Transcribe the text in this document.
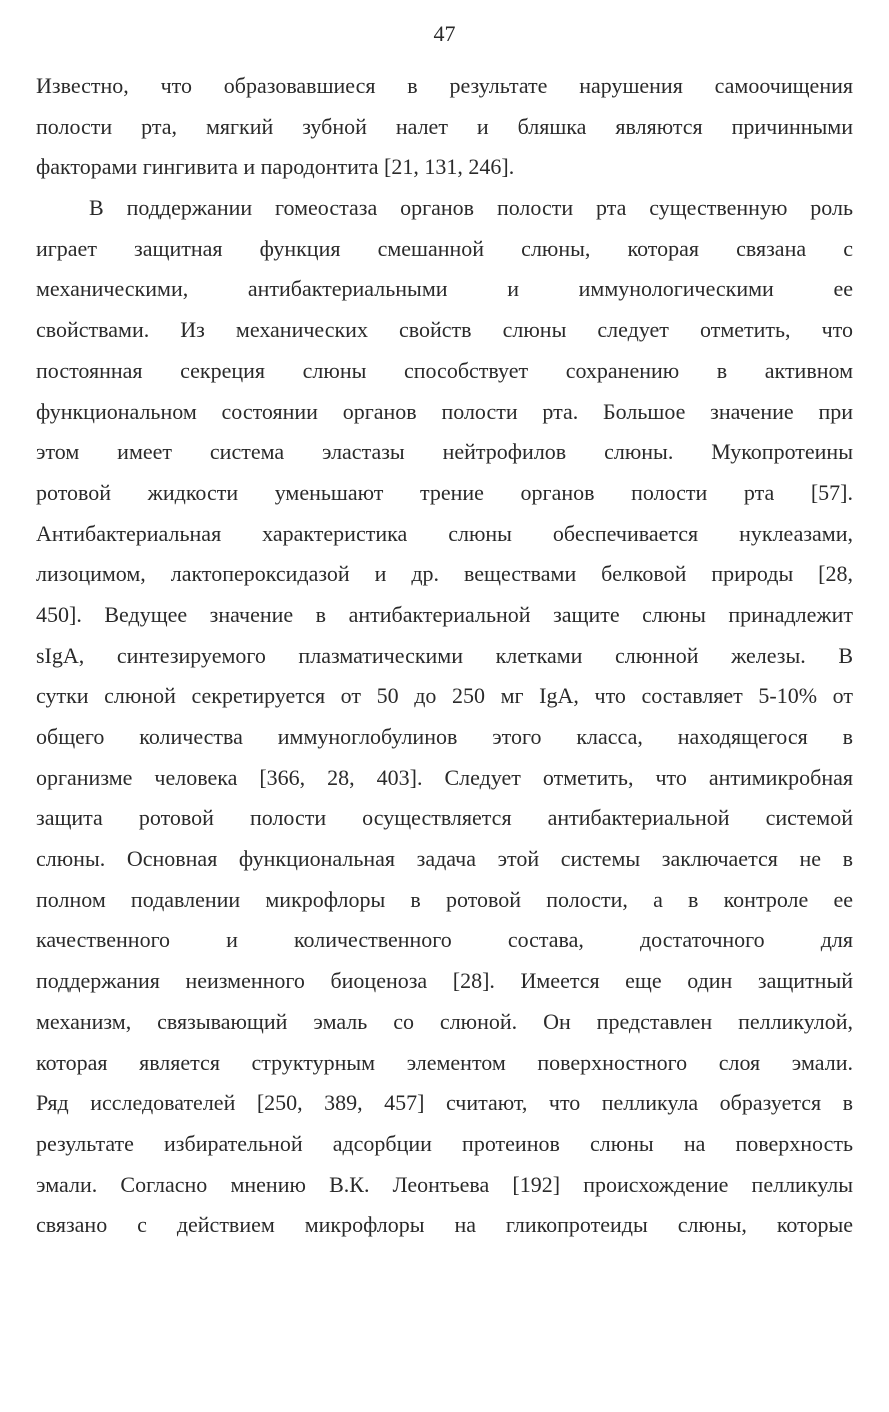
47
Известно, что образовавшиеся в результате нарушения самоочищения
полости рта, мягкий зубной налет и бляшка являются причинными
факторами гингивита и пародонтита [21, 131, 246].
В поддержании гомеостаза органов полости рта существенную роль
играет защитная функция смешанной слюны, которая связана с
механическими, антибактериальными и иммунологическими ее
свойствами. Из механических свойств слюны следует отметить, что
постоянная секреция слюны способствует сохранению в активном
функциональном состоянии органов полости рта. Большое значение при
этом имеет система эластазы нейтрофилов слюны. Мукопротеины
ротовой жидкости уменьшают трение органов полости рта [57].
Антибактериальная характеристика слюны обеспечивается нуклеазами,
лизоцимом, лактопероксидазой и др. веществами белковой природы [28,
450]. Ведущее значение в антибактериальной защите слюны принадлежит
sIgA, синтезируемого плазматическими клетками слюнной железы. В
сутки слюной секретируется от 50 до 250 мг IgA, что составляет 5-10% от
общего количества иммуноглобулинов этого класса, находящегося в
организме человека [366, 28, 403]. Следует отметить, что антимикробная
защита ротовой полости осуществляется антибактериальной системой
слюны. Основная функциональная задача этой системы заключается не в
полном подавлении микрофлоры в ротовой полости, а в контроле ее
качественного и количественного состава, достаточного для
поддержания неизменного биоценоза [28]. Имеется еще один защитный
механизм, связывающий эмаль со слюной. Он представлен пелликулой,
которая является структурным элементом поверхностного слоя эмали.
Ряд исследователей [250, 389, 457] считают, что пелликула образуется в
результате избирательной адсорбции протеинов слюны на поверхность
эмали. Согласно мнению В.К. Леонтьева [192] происхождение пелликулы
связано с действием микрофлоры на гликопротеиды слюны, которые
